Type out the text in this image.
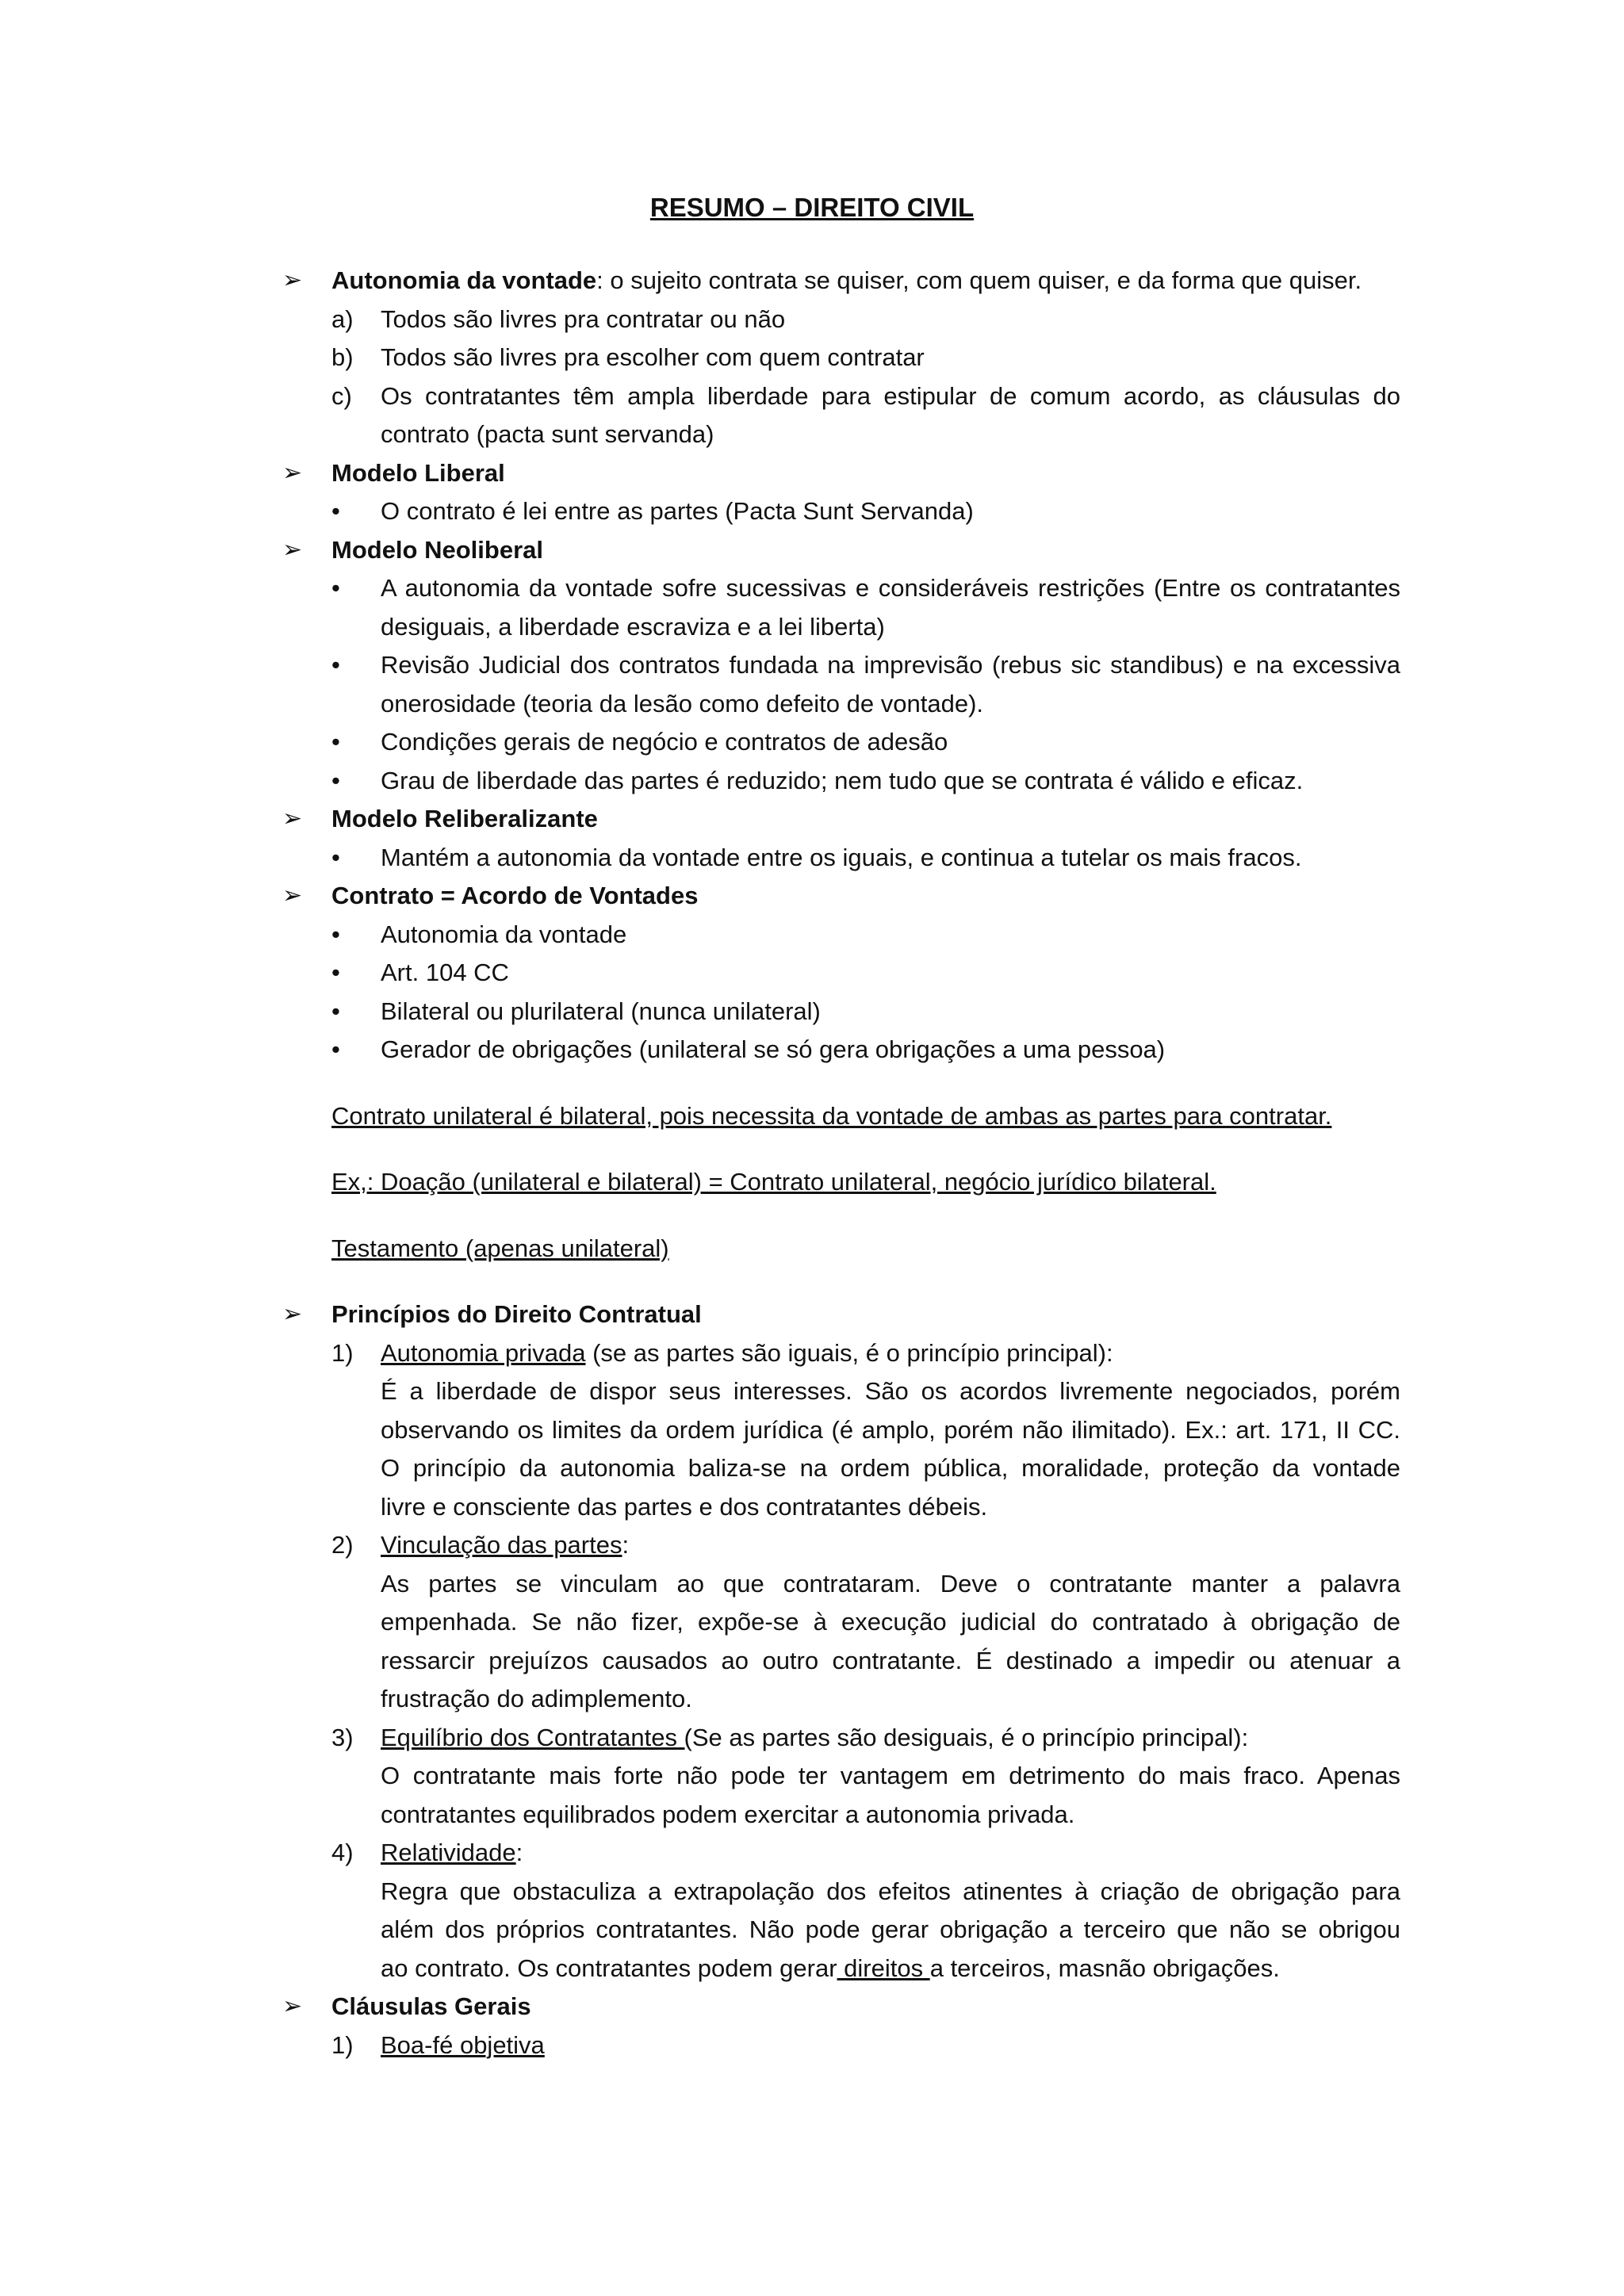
RESUMO – DIREITO CIVIL
➢ Autonomia da vontade: o sujeito contrata se quiser, com quem quiser, e da forma que quiser.
a)	Todos são livres pra contratar ou não
b)	Todos são livres pra escolher com quem contratar
c)	Os contratantes têm ampla liberdade para estipular de comum acordo, as cláusulas do
contrato (pacta sunt servanda)
➢ Modelo Liberal
•	O contrato é lei entre as partes (Pacta Sunt Servanda)
➢ Modelo Neoliberal
•	A autonomia da vontade sofre sucessivas e consideráveis restrições (Entre os contratantes
desiguais, a liberdade escraviza e a lei liberta)
•	Revisão Judicial dos contratos fundada na imprevisão (rebus sic standibus) e na excessiva
onerosidade (teoria da lesão como defeito de vontade).
•	Condições gerais de negócio e contratos de adesão
•	Grau de liberdade das partes é reduzido; nem tudo que se contrata é válido e eficaz.
➢ Modelo Reliberalizante
•	Mantém a autonomia da vontade entre os iguais, e continua a tutelar os mais fracos.
➢ Contrato = Acordo de Vontades
•	Autonomia da vontade
•	Art. 104 CC
•	Bilateral ou plurilateral (nunca unilateral)
•	Gerador de obrigações (unilateral se só gera obrigações a uma pessoa)
Contrato unilateral é bilateral, pois necessita da vontade de ambas as partes para contratar.
Ex,: Doação (unilateral e bilateral) = Contrato unilateral, negócio jurídico bilateral.
Testamento (apenas unilateral)
➢ Princípios do Direito Contratual
1)	Autonomia privada (se as partes são iguais, é o princípio principal):
É a liberdade de dispor seus interesses. São os acordos livremente negociados, porém
observando os limites da ordem jurídica (é amplo, porém não ilimitado). Ex.: art. 171, II CC.
O princípio da autonomia baliza-se na ordem pública, moralidade, proteção da vontade
livre e consciente das partes e dos contratantes débeis.
2)	Vinculação das partes:
As partes se vinculam ao que contrataram. Deve o contratante manter a palavra
empenhada. Se não fizer, expõe-se à execução judicial do contratado à obrigação de
ressarcir prejuízos causados ao outro contratante. É destinado a impedir ou atenuar a
frustração do adimplemento.
3)	Equilíbrio dos Contratantes (Se as partes são desiguais, é o princípio principal):
O contratante mais forte não pode ter vantagem em detrimento do mais fraco. Apenas
contratantes equilibrados podem exercitar a autonomia privada.
4)	Relatividade:
Regra que obstaculiza a extrapolação dos efeitos atinentes à criação de obrigação para
além dos próprios contratantes. Não pode gerar obrigação a terceiro que não se obrigou
ao contrato. Os contratantes podem gerar direitos a terceiros, masnão obrigações.
➢ Cláusulas Gerais
1)	Boa-fé objetiva
